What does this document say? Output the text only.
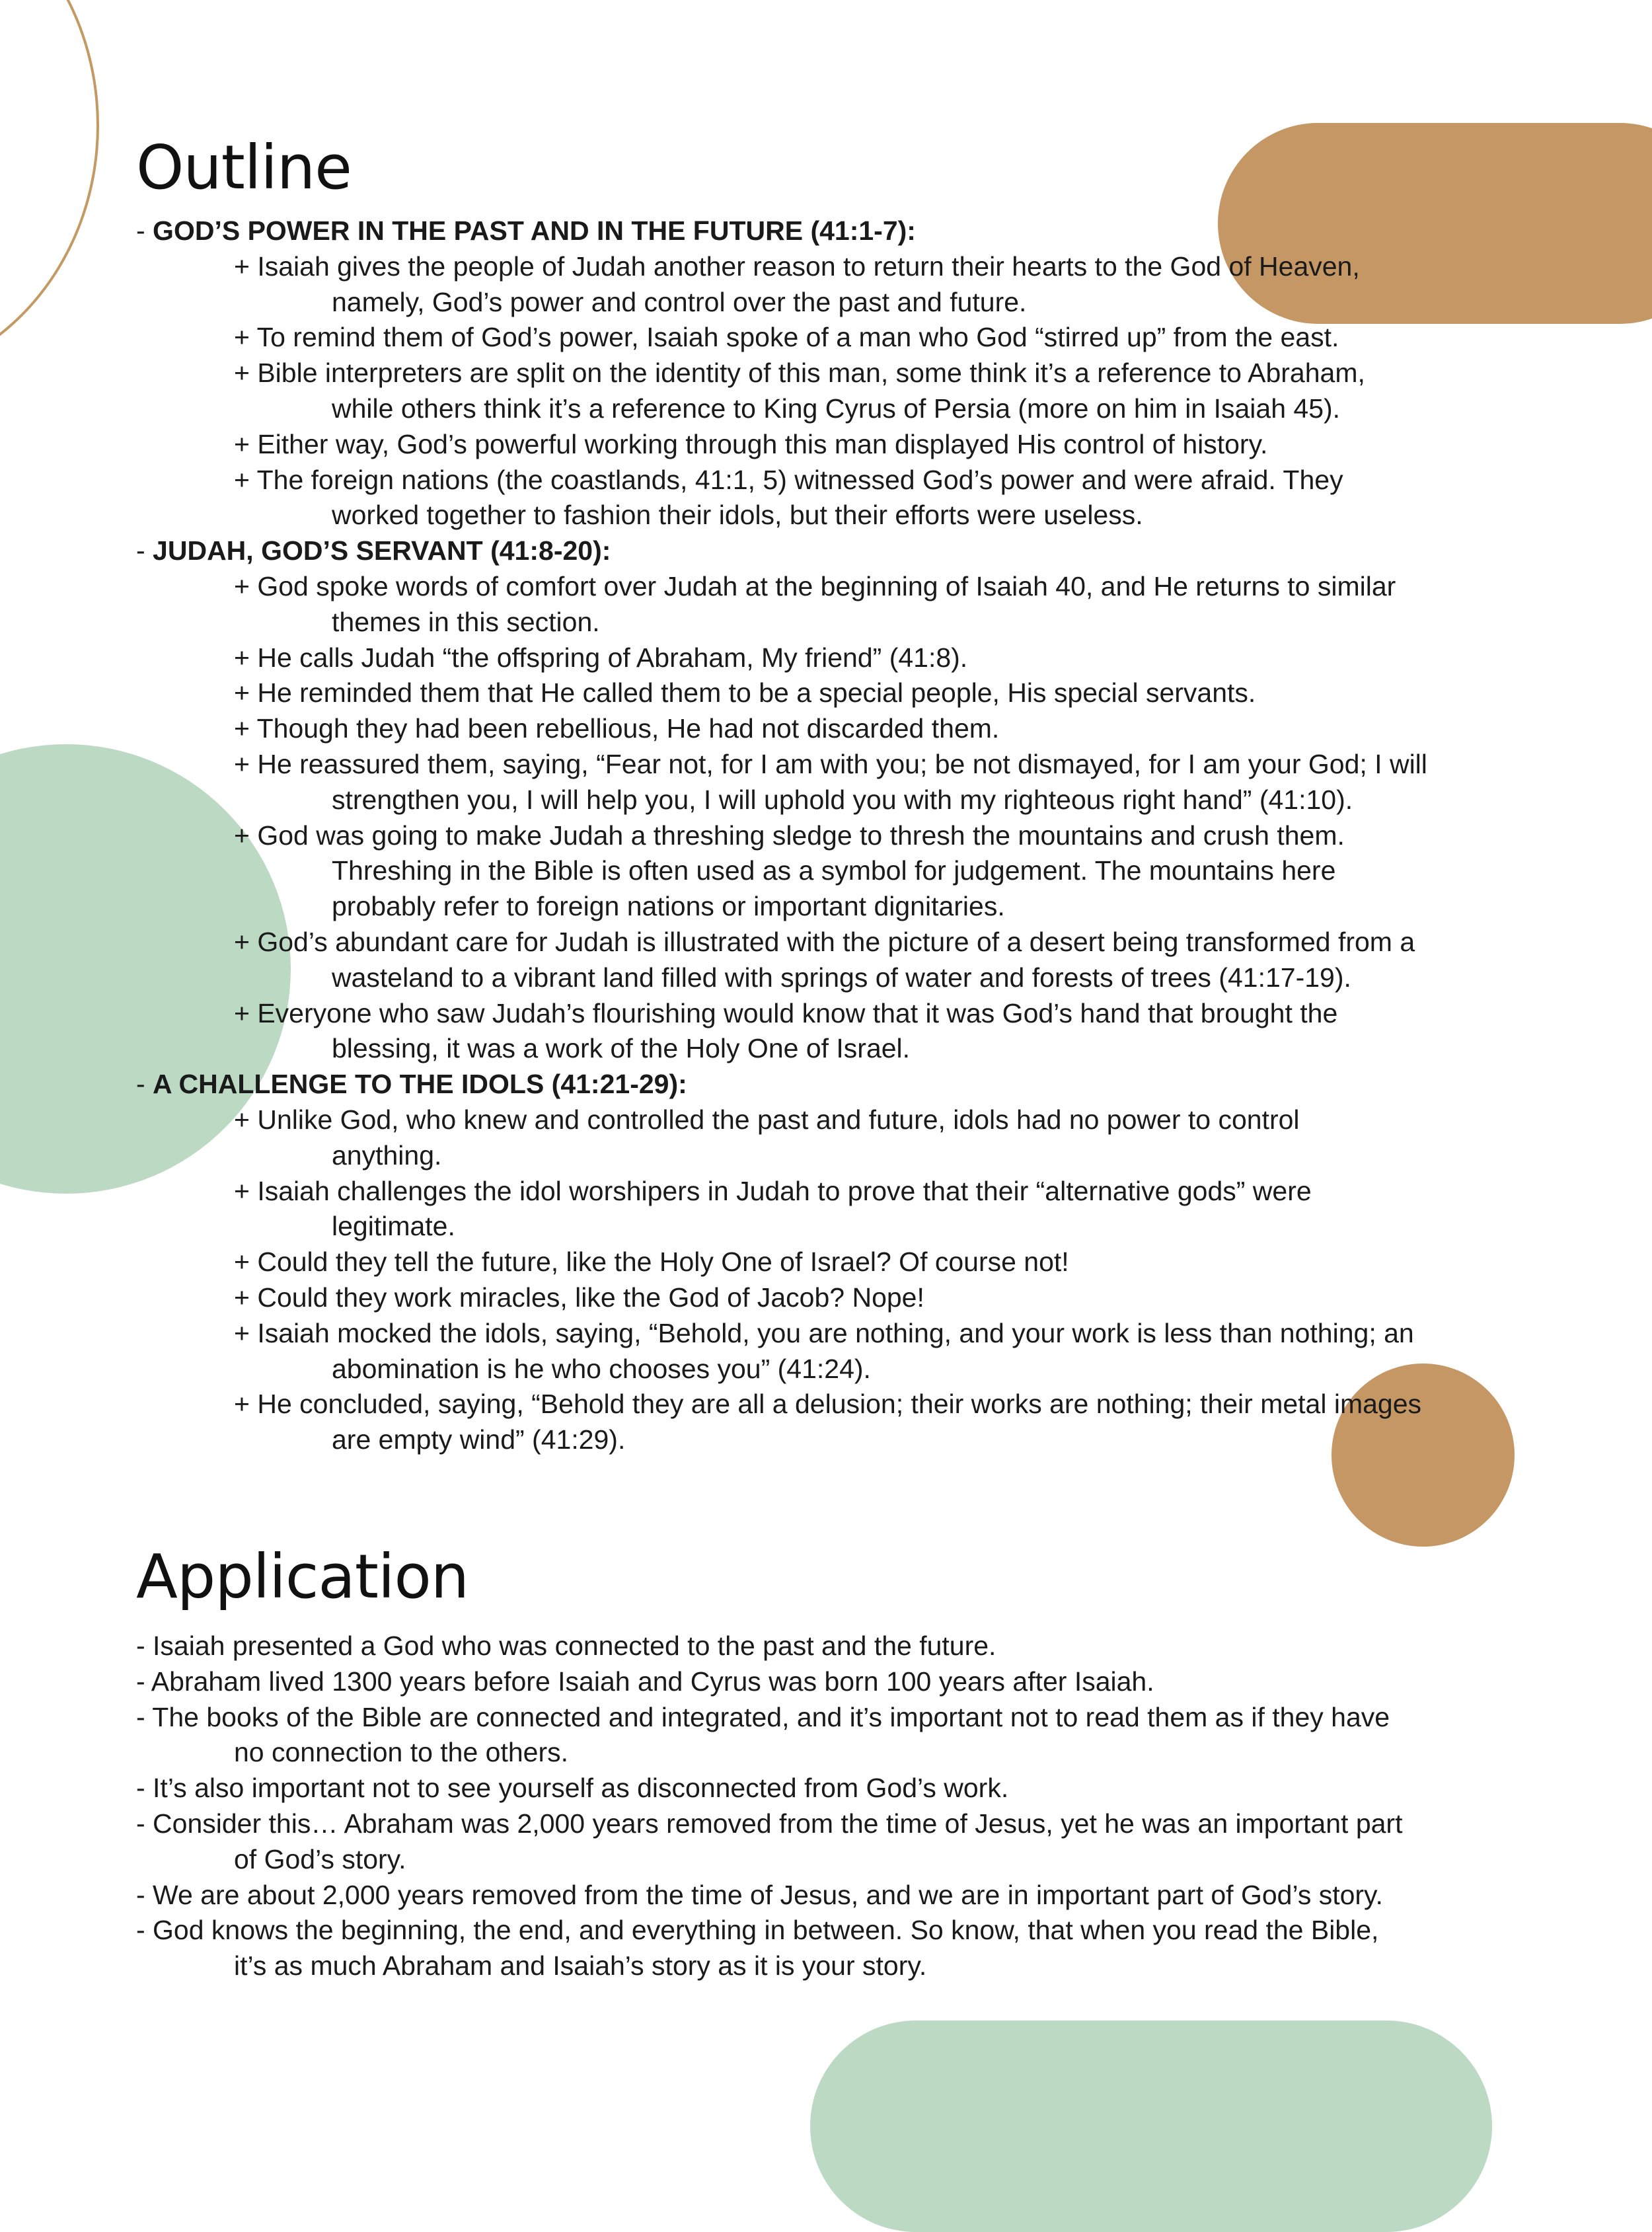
Outline
- GOD’S POWER IN THE PAST AND IN THE FUTURE (41:1-7):
+ Isaiah gives the people of Judah another reason to return their hearts to the God of Heaven,
namely, God’s power and control over the past and future.
+ To remind them of God’s power, Isaiah spoke of a man who God “stirred up” from the east.
+ Bible interpreters are split on the identity of this man, some think it’s a reference to Abraham,
while others think it’s a reference to King Cyrus of Persia (more on him in Isaiah 45).
+ Either way, God’s powerful working through this man displayed His control of history.
+ The foreign nations (the coastlands, 41:1, 5) witnessed God’s power and were afraid. They
worked together to fashion their idols, but their efforts were useless.
- JUDAH, GOD’S SERVANT (41:8-20):
+ God spoke words of comfort over Judah at the beginning of Isaiah 40, and He returns to similar
themes in this section.
+ He calls Judah “the offspring of Abraham, My friend” (41:8).
+ He reminded them that He called them to be a special people, His special servants.
+ Though they had been rebellious, He had not discarded them.
+ He reassured them, saying, “Fear not, for I am with you; be not dismayed, for I am your God; I will
strengthen you, I will help you, I will uphold you with my righteous right hand” (41:10).
+ God was going to make Judah a threshing sledge to thresh the mountains and crush them.
Threshing in the Bible is often used as a symbol for judgement. The mountains here
probably refer to foreign nations or important dignitaries.
+ God’s abundant care for Judah is illustrated with the picture of a desert being transformed from a
wasteland to a vibrant land filled with springs of water and forests of trees (41:17-19).
+ Everyone who saw Judah’s flourishing would know that it was God’s hand that brought the
blessing, it was a work of the Holy One of Israel.
- A CHALLENGE TO THE IDOLS (41:21-29):
+ Unlike God, who knew and controlled the past and future, idols had no power to control
anything.
+ Isaiah challenges the idol worshipers in Judah to prove that their “alternative gods” were
legitimate.
+ Could they tell the future, like the Holy One of Israel? Of course not!
+ Could they work miracles, like the God of Jacob? Nope!
+ Isaiah mocked the idols, saying, “Behold, you are nothing, and your work is less than nothing; an
abomination is he who chooses you” (41:24).
+ He concluded, saying, “Behold they are all a delusion; their works are nothing; their metal images
are empty wind” (41:29).
Application
- Isaiah presented a God who was connected to the past and the future.
- Abraham lived 1300 years before Isaiah and Cyrus was born 100 years after Isaiah.
- The books of the Bible are connected and integrated, and it’s important not to read them as if they have
no connection to the others.
- It’s also important not to see yourself as disconnected from God’s work.
- Consider this… Abraham was 2,000 years removed from the time of Jesus, yet he was an important part
of God’s story.
- We are about 2,000 years removed from the time of Jesus, and we are in important part of God’s story.
- God knows the beginning, the end, and everything in between. So know, that when you read the Bible,
it’s as much Abraham and Isaiah’s story as it is your story.
